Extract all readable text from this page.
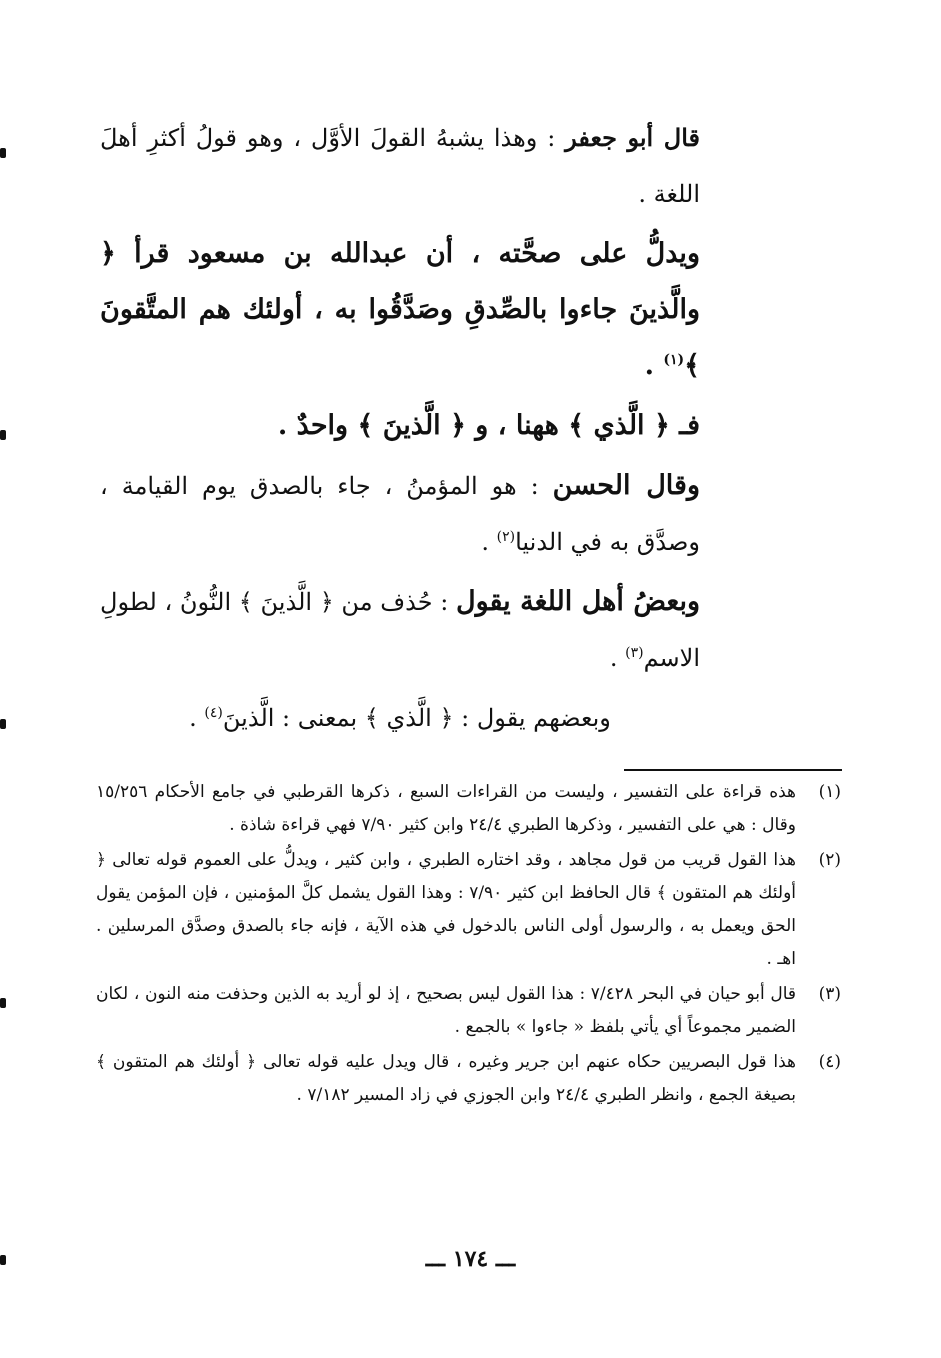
قال أبو جعفر : وهذا يشبهُ القولَ الأوَّل ، وهو قولُ أكثرِ أهلَ اللغة .

ويدلُّ على صحَّته ، أن عبدالله بن مسعود قرأ ﴿ والَّذينَ جاءوا بالصِّدقِ وصَدَّقُوا به ، أولئك هم المتَّقونَ ﴾$^{(١)}$ .

فـ ﴿ الَّذي ﴾ ههنا ، و ﴿ الَّذينَ ﴾ واحدٌ .

وقال الحسن : هو المؤمنُ ، جاء بالصدق يوم القيامة ، وصدَّق به في الدنيا$^{(٢)}$ .

وبعضُ أهل اللغة يقول : حُذف من ﴿ الَّذينَ ﴾ النُّونُ ، لطولِ الاسم$^{(٣)}$ .

وبعضهم يقول : ﴿ الَّذي ﴾ بمعنى : الَّذينَ$^{(٤)}$ .

(١)
هذه قراءة على التفسير ، وليست من القراءات السبع ، ذكرها القرطبي في جامع الأحكام ١٥/٢٥٦ وقال : هي على التفسير ، وذكرها الطبري ٢٤/٤ وابن كثير ٧/٩٠ فهي قراءة شاذة .
(٢)
هذا القول قريب من قول مجاهد ، وقد اختاره الطبري ، وابن كثير ، ويدلُّ على العموم قوله تعالى ﴿ أولئك هم المتقون ﴾ قال الحافظ ابن كثير ٧/٩٠ : وهذا القول يشمل كلَّ المؤمنين ، فإن المؤمن يقول الحق ويعمل به ، والرسول أولى الناس بالدخول في هذه الآية ، فإنه جاء بالصدق وصدَّق المرسلين . اهـ .
(٣)
قال أبو حيان في البحر ٧/٤٢٨ : هذا القول ليس بصحيح ، إذ لو أريد به الذين وحذفت منه النون ، لكان الضمير مجموعاً أي يأتي بلفظ « جاءوا » بالجمع .
(٤)
هذا قول البصريين حكاه عنهم ابن جرير وغيره ، قال ويدل عليه قوله تعالى ﴿ أولئك هم المتقون ﴾ بصيغة الجمع ، وانظر الطبري ٢٤/٤ وابن الجوزي في زاد المسير ٧/١٨٢ .
ـــ ١٧٤ ـــ
